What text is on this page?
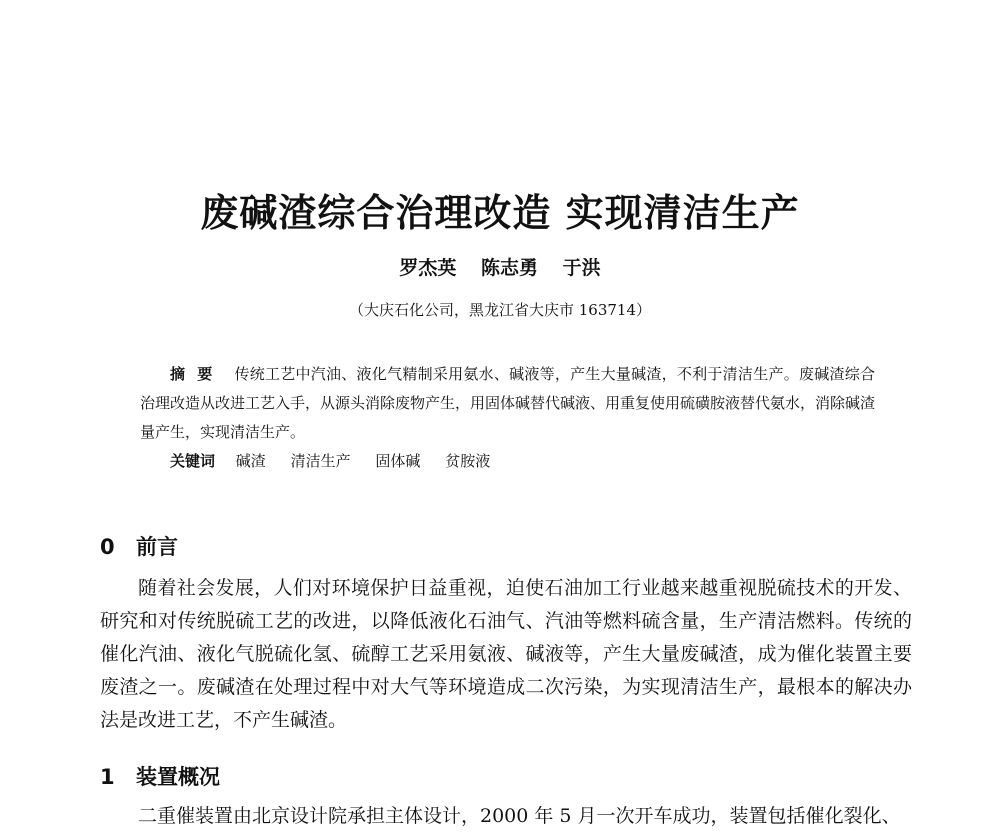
废碱渣综合治理改造 实现清洁生产
罗杰英 陈志勇 于洪
（大庆石化公司，黑龙江省大庆市 163714）
摘要 传统工艺中汽油、液化气精制采用氨水、碱液等，产生大量碱渣，不利于清洁生产。废碱渣综合治理改造从改进工艺入手，从源头消除废物产生，用固体碱替代碱液、用重复使用硫磺胺液替代氨水，消除碱渣量产生，实现清洁生产。
关键词 碱渣 清洁生产 固体碱 贫胺液
0 前言
随着社会发展，人们对环境保护日益重视，迫使石油加工行业越来越重视脱硫技术的开发、研究和对传统脱硫工艺的改进，以降低液化石油气、汽油等燃料硫含量，生产清洁燃料。传统的催化汽油、液化气脱硫化氢、硫醇工艺采用氨液、碱液等，产生大量废碱渣，成为催化装置主要废渣之一。废碱渣在处理过程中对大气等环境造成二次污染，为实现清洁生产，最根本的解决办法是改进工艺，不产生碱渣。
1 装置概况
二重催装置由北京设计院承担主体设计，2000 年 5 月一次开车成功，装置包括催化裂化、
